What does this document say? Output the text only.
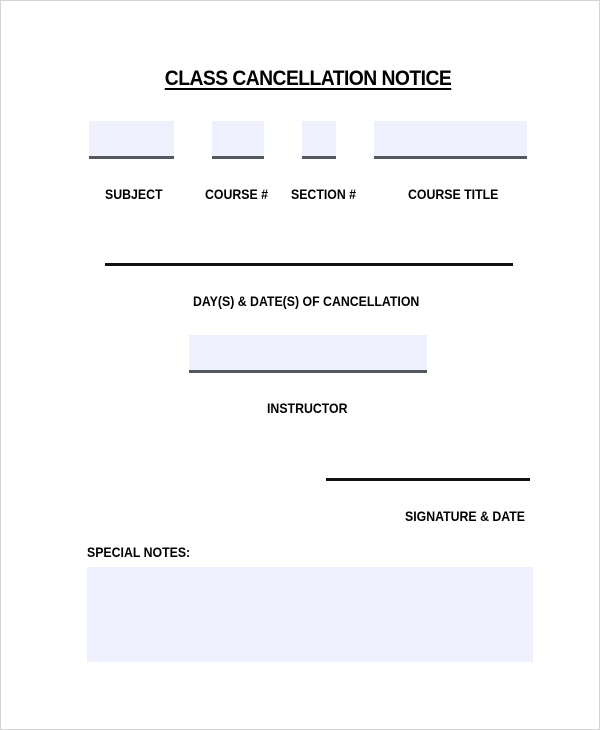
CLASS CANCELLATION NOTICE
SUBJECT	COURSE # SECTION #	COURSE TITLE
DAY(S) & DATE(S) OF CANCELLATION
INSTRUCTOR
SIGNATURE & DATE
SPECIAL NOTES:
